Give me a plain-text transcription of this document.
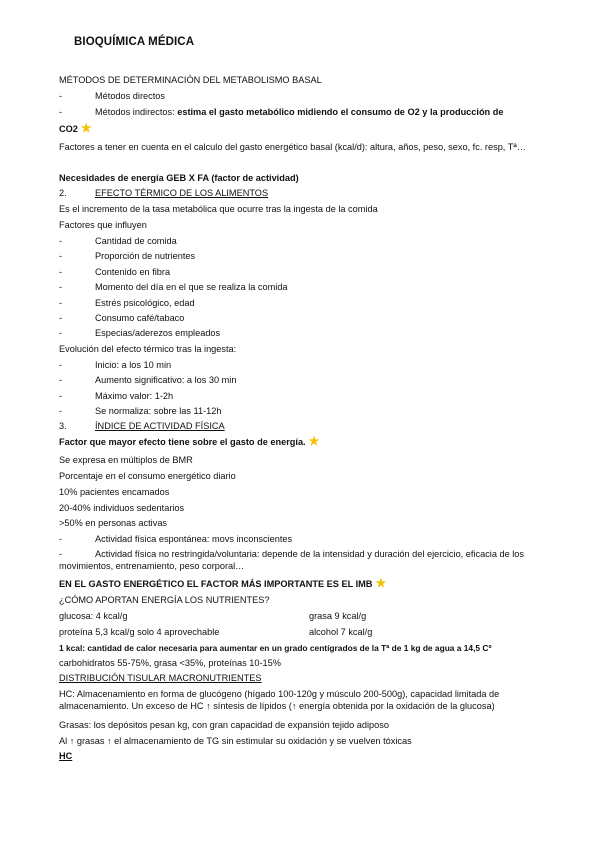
BIOQUÍMICA MÉDICA
MÉTODOS DE DETERMINACIÓN DEL METABOLISMO BASAL
-	Métodos directos
-	Métodos indirectos: estima el gasto metabólico midiendo el consumo de O2 y la producción de
CO2 ★
Factores a tener en cuenta en el calculo del gasto energético basal (kcal/d): altura, años, peso, sexo, fc. resp, Tª…
Necesidades de energía GEB X FA (factor de actividad)
2.	EFECTO TÉRMICO DE LOS ALIMENTOS
Es el incremento de la tasa metabólica que ocurre tras la ingesta de la comida
Factores que influyen
-	Cantidad de comida
-	Proporción de nutrientes
-	Contenido en fibra
-	Momento del día en el que se realiza la comida
-	Estrés psicológico, edad
-	Consumo café/tabaco
-	Especias/aderezos empleados
Evolución del efecto térmico tras la ingesta:
-	Inicio: a los 10 min
-	Aumento significativo: a los 30 min
-	Máximo valor: 1-2h
-	Se normaliza: sobre las 11-12h
3.	ÍNDICE DE ACTIVIDAD FÍSICA
Factor que mayor efecto tiene sobre el gasto de energía. ★
Se expresa en múltiplos de BMR
Porcentaje en el consumo energético diario
10% pacientes encamados
20-40% individuos sedentarios
>50% en personas activas
-	Actividad física espontánea: movs inconscientes
-	Actividad física no restringida/voluntaria: depende de la intensidad y duración del ejercicio, eficacia de los movimientos, entrenamiento, peso corporal…
EN EL GASTO ENERGÉTICO EL FACTOR MÁS IMPORTANTE ES EL IMB ★
¿CÓMO APORTAN ENERGÍA LOS NUTRIENTES?
glucosa: 4 kcal/g	grasa 9 kcal/g
proteína 5,3 kcal/g solo 4 aprovechable	alcohol 7 kcal/g
1 kcal: cantidad de calor necesaria para aumentar en un grado centígrados de la Tª de 1 kg de agua a 14,5 Cº
carbohidratos 55-75%, grasa <35%, proteínas 10-15%
DISTRIBUCIÓN TISULAR MACRONUTRIENTES
HC: Almacenamiento en forma de glucógeno (hígado 100-120g y músculo 200-500g), capacidad limitada de almacenamiento. Un exceso de HC ↑ síntesis de lípidos (↑ energía obtenida por la oxidación de la glucosa)
Grasas: los depósitos pesan kg, con gran capacidad de expansión tejido adiposo
Al ↑ grasas ↑ el almacenamiento de TG sin estimular su oxidación y se vuelven tóxicas
HC
